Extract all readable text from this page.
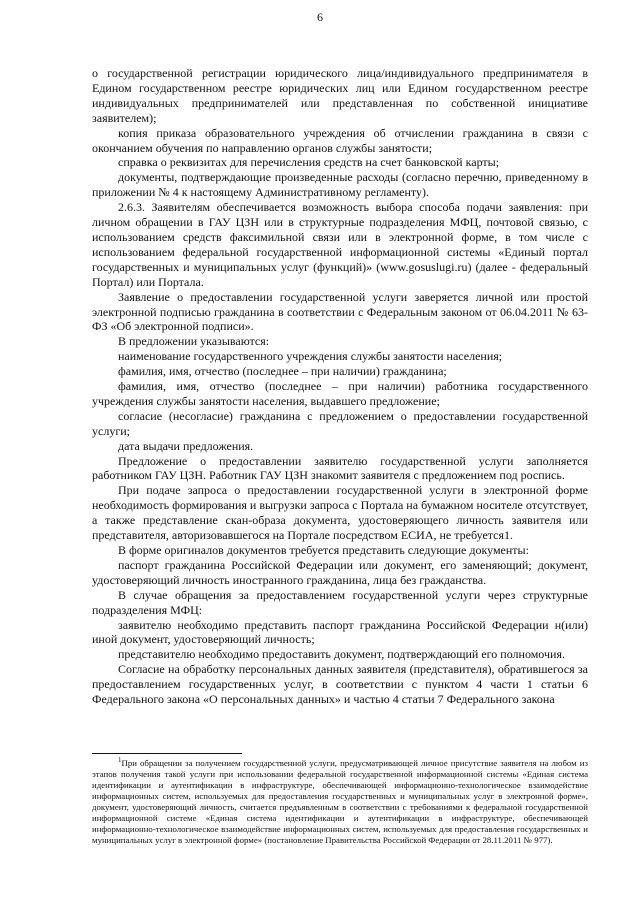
6

о государственной регистрации юридического лица/индивидуального предпринимателя в Едином государственном реестре юридических лиц или Едином государственном реестре индивидуальных предпринимателей или представленная по собственной инициативе заявителем);

копия приказа образовательного учреждения об отчислении гражданина в связи с окончанием обучения по направлению органов службы занятости;

справка о реквизитах для перечисления средств на счет банковской карты;

документы, подтверждающие произведенные расходы (согласно перечню, приведенному в приложении № 4 к настоящему Административному регламенту).

2.6.3. Заявителям обеспечивается возможность выбора способа подачи заявления: при личном обращении в ГАУ ЦЗН или в структурные подразделения МФЦ, почтовой связью, с использованием средств факсимильной связи или в электронной форме, в том числе с использованием федеральной государственной информационной системы «Единый портал государственных и муниципальных услуг (функций)» (www.gosuslugi.ru) (далее - федеральный Портал) или Портала.

Заявление о предоставлении государственной услуги заверяется личной или простой электронной подписью гражданина в соответствии с Федеральным законом от 06.04.2011 № 63-ФЗ «Об электронной подписи».

В предложении указываются:

наименование государственного учреждения службы занятости населения;

фамилия, имя, отчество (последнее – при наличии) гражданина;

фамилия, имя, отчество (последнее – при наличии) работника государственного учреждения службы занятости населения, выдавшего предложение;

согласие (несогласие) гражданина с предложением о предоставлении государственной услуги;

дата выдачи предложения.

Предложение о предоставлении заявителю государственной услуги заполняется работником ГАУ ЦЗН. Работник ГАУ ЦЗН знакомит заявителя с предложением под роспись.

При подаче запроса о предоставлении государственной услуги в электронной форме необходимость формирования и выгрузки запроса с Портала на бумажном носителе отсутствует, а также представление скан-образа документа, удостоверяющего личность заявителя или представителя, авторизовавшегося на Портале посредством ЕСИА, не требуется1.

В форме оригиналов документов требуется представить следующие документы:

паспорт гражданина Российской Федерации или документ, его заменяющий; документ, удостоверяющий личность иностранного гражданина, лица без гражданства.

В случае обращения за предоставлением государственной услуги через структурные подразделения МФЦ:

заявителю необходимо представить паспорт гражданина Российской Федерации н(или) иной документ, удостоверяющий личность;

представителю необходимо предоставить документ, подтверждающий его полномочия.

Согласие на обработку персональных данных заявителя (представителя), обратившегося за предоставлением государственных услуг, в соответствии с пунктом 4 части 1 статьи 6 Федерального закона «О персональных данных» и частью 4 статьи 7 Федерального закона

$^1$При обращении за получением государственной услуги, предусматривающей личное присутствие заявителя на любом из этапов получения такой услуги при использовании федеральной государственной информационной системы «Единая система идентификации и аутентификации в инфраструктуре, обеспечивающей информационно-технологическое взаимодействие информационных систем, используемых для предоставления государственных и муниципальных услуг в электронной форме», документ, удостоверяющий личность, считается предъявленным в соответствии с требованиями к федеральной государственной информационной системе «Единая система идентификации и аутентификации в инфраструктуре, обеспечивающей информационно-технологическое взаимодействие информационных систем, используемых для предоставления государственных и муниципальных услуг в электронной форме» (постановление Правительства Российской Федерации от 28.11.2011 № 977).
